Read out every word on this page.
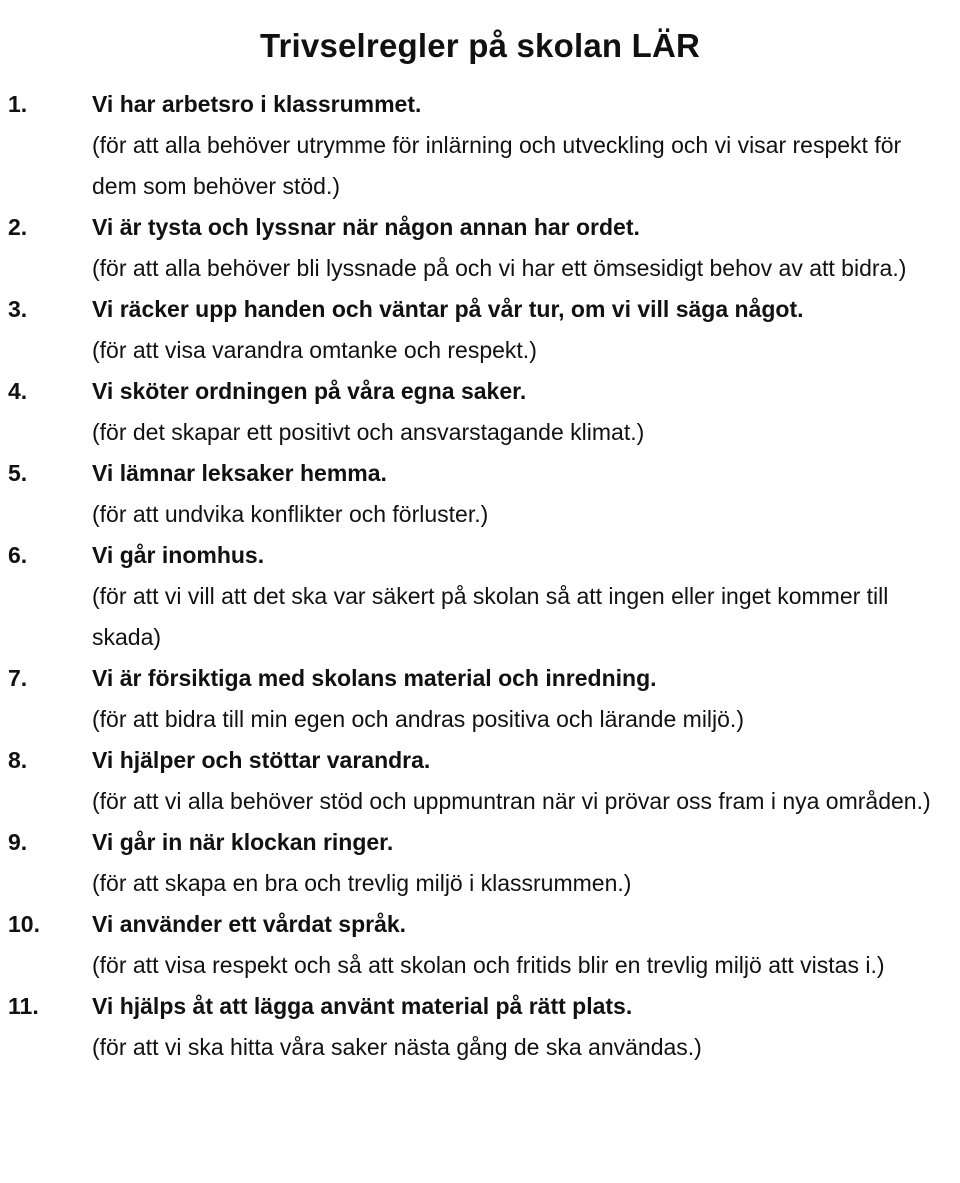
Trivselregler på skolan LÄR
1.	Vi har arbetsro i klassrummet.
(för att alla behöver utrymme för inlärning och utveckling och vi visar respekt för dem som behöver stöd.)
2.	Vi är tysta och lyssnar när någon annan har ordet.
(för att alla behöver bli lyssnade på och vi har ett ömsesidigt behov av att bidra.)
3.	Vi räcker upp handen och väntar på vår tur, om vi vill säga något.
(för att visa varandra omtanke och respekt.)
4.	Vi sköter ordningen på våra egna saker.
(för det skapar ett positivt och ansvarstagande klimat.)
5.	Vi lämnar leksaker hemma.
(för att undvika konflikter och förluster.)
6.	Vi går inomhus.
(för att vi vill att det ska var säkert på skolan så att ingen eller inget kommer till skada)
7.	Vi är försiktiga med skolans material och inredning.
(för att bidra till min egen och andras positiva och lärande miljö.)
8.	Vi hjälper och stöttar varandra.
(för att vi alla behöver stöd och uppmuntran när vi prövar oss fram i nya områden.)
9.	Vi går in när klockan ringer.
(för att skapa en bra och trevlig miljö i klassrummen.)
10. Vi använder ett vårdat språk.
(för att visa respekt och så att skolan och fritids blir en trevlig miljö att vistas i.)
11. Vi hjälps åt att lägga använt material på rätt plats.
(för att vi ska hitta våra saker nästa gång de ska användas.)
